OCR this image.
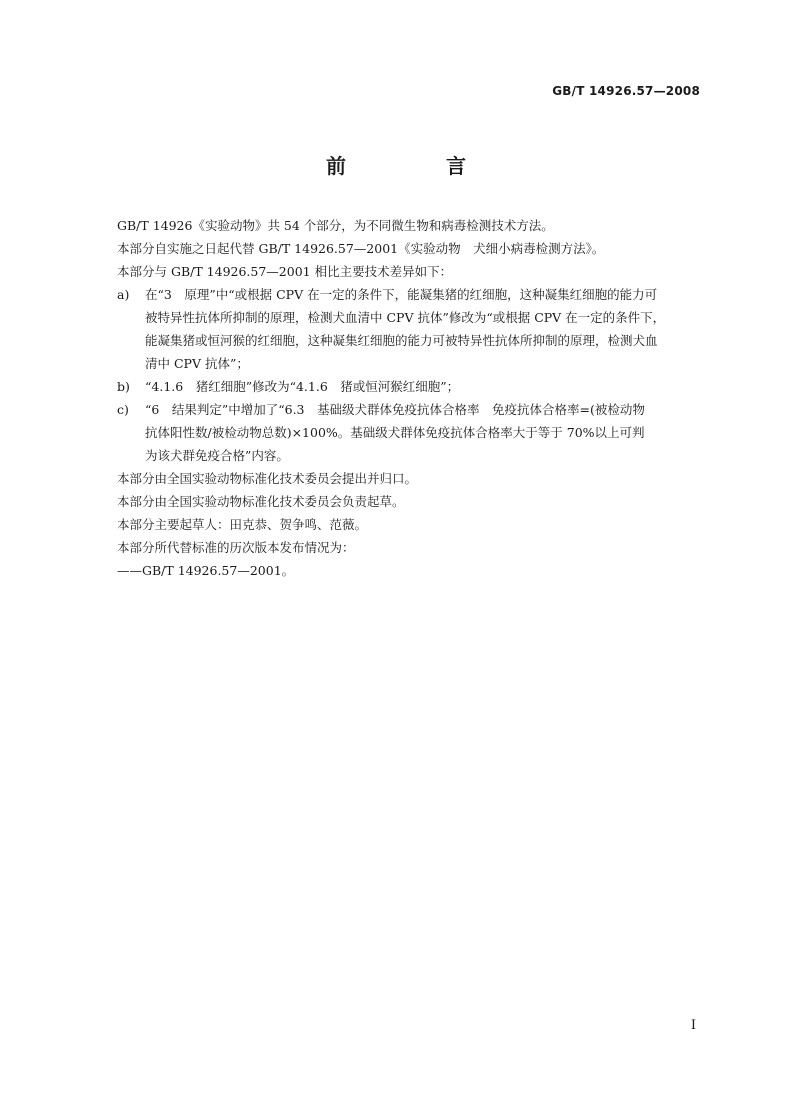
GB/T 14926.57—2008
前　言

GB/T 14926《实验动物》共 54 个部分，为不同微生物和病毒检测技术方法。

本部分自实施之日起代替 GB/T 14926.57—2001《实验动物　犬细小病毒检测方法》。

本部分与 GB/T 14926.57—2001 相比主要技术差异如下：

a) 在“3　原理”中“或根据 CPV 在一定的条件下，能凝集猪的红细胞，这种凝集红细胞的能力可
被特异性抗体所抑制的原理，检测犬血清中 CPV 抗体”修改为“或根据 CPV 在一定的条件下，
能凝集猪或恒河猴的红细胞，这种凝集红细胞的能力可被特异性抗体所抑制的原理，检测犬血
清中 CPV 抗体”；
b) “4.1.6　猪红细胞”修改为“4.1.6　猪或恒河猴红细胞”；
c) “6　结果判定”中增加了“6.3　基础级犬群体免疫抗体合格率　免疫抗体合格率=(被检动物
抗体阳性数/被检动物总数)×100%。基础级犬群体免疫抗体合格率大于等于 70%以上可判
为该犬群免疫合格”内容。

本部分由全国实验动物标准化技术委员会提出并归口。

本部分由全国实验动物标准化技术委员会负责起草。

本部分主要起草人：田克恭、贺争鸣、范薇。

本部分所代替标准的历次版本发布情况为：

——GB/T 14926.57—2001。

I
